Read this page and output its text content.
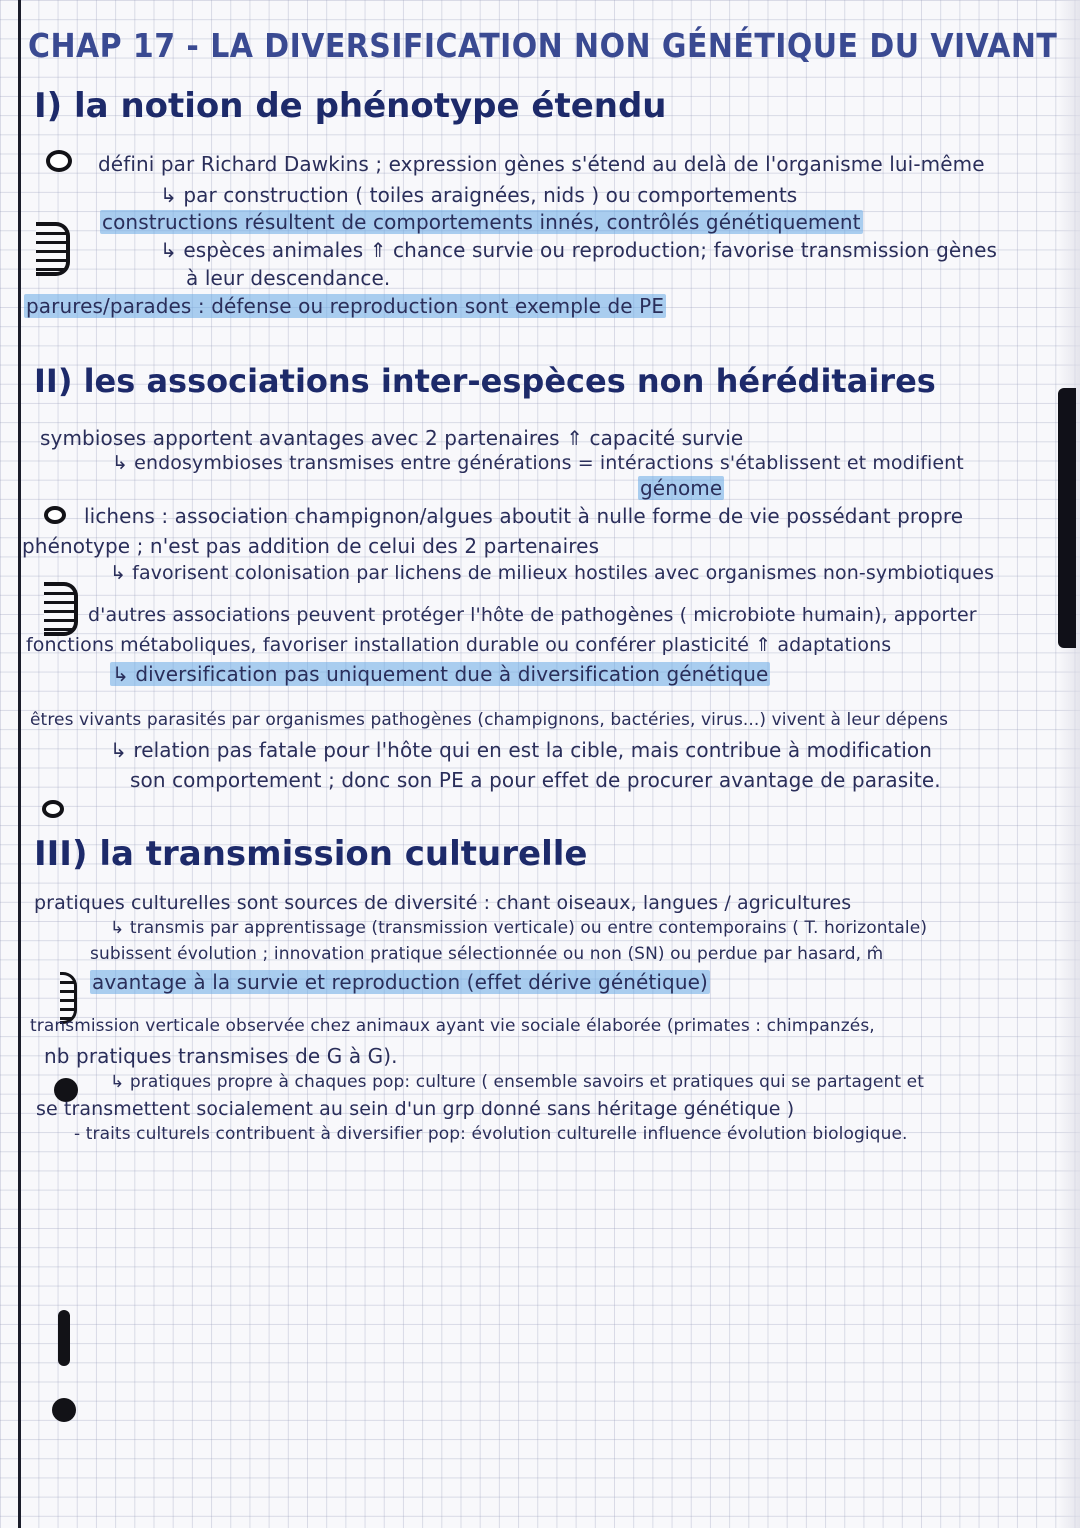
CHAP 17 - LA DIVERSIFICATION NON GÉNÉTIQUE DU VIVANT
I) la notion de phénotype étendu
défini par Richard Dawkins ; expression gènes s'étend au delà de l'organisme lui-même
↳ par construction ( toiles araignées, nids ) ou comportements
constructions résultent de comportements innés, contrôlés génétiquement
↳ espèces animales ⇑ chance survie ou reproduction; favorise transmission gènes
à leur descendance.
parures/parades : défense ou reproduction sont exemple de PE
II) les associations inter-espèces non héréditaires
symbioses apportent avantages avec 2 partenaires ⇑ capacité survie
↳ endosymbioses transmises entre générations = intéractions s'établissent et modifient
génome
lichens : association champignon/algues aboutit à nulle forme de vie possédant propre
phénotype ; n'est pas addition de celui des 2 partenaires
↳ favorisent colonisation par lichens de milieux hostiles avec organismes non-symbiotiques
d'autres associations peuvent protéger l'hôte de pathogènes ( microbiote humain), apporter
fonctions métaboliques, favoriser installation durable ou conférer plasticité ⇑ adaptations
↳ diversification pas uniquement due à diversification génétique
êtres vivants parasités par organismes pathogènes (champignons, bactéries, virus...) vivent à leur dépens
↳ relation pas fatale pour l'hôte qui en est la cible, mais contribue à modification
son comportement ; donc son PE a pour effet de procurer avantage de parasite.
III) la transmission culturelle
pratiques culturelles sont sources de diversité : chant oiseaux, langues / agricultures
↳ transmis par apprentissage (transmission verticale) ou entre contemporains ( T. horizontale)
subissent évolution ; innovation pratique sélectionnée ou non (SN) ou perdue par hasard, m̂
avantage à la survie et reproduction (effet dérive génétique)
transmission verticale observée chez animaux ayant vie sociale élaborée (primates : chimpanzés,
nb pratiques transmises de G à G).
↳ pratiques propre à chaques pop: culture ( ensemble savoirs et pratiques qui se partagent et
se transmettent socialement au sein d'un grp donné sans héritage génétique )
- traits culturels contribuent à diversifier pop: évolution culturelle influence évolution biologique.
